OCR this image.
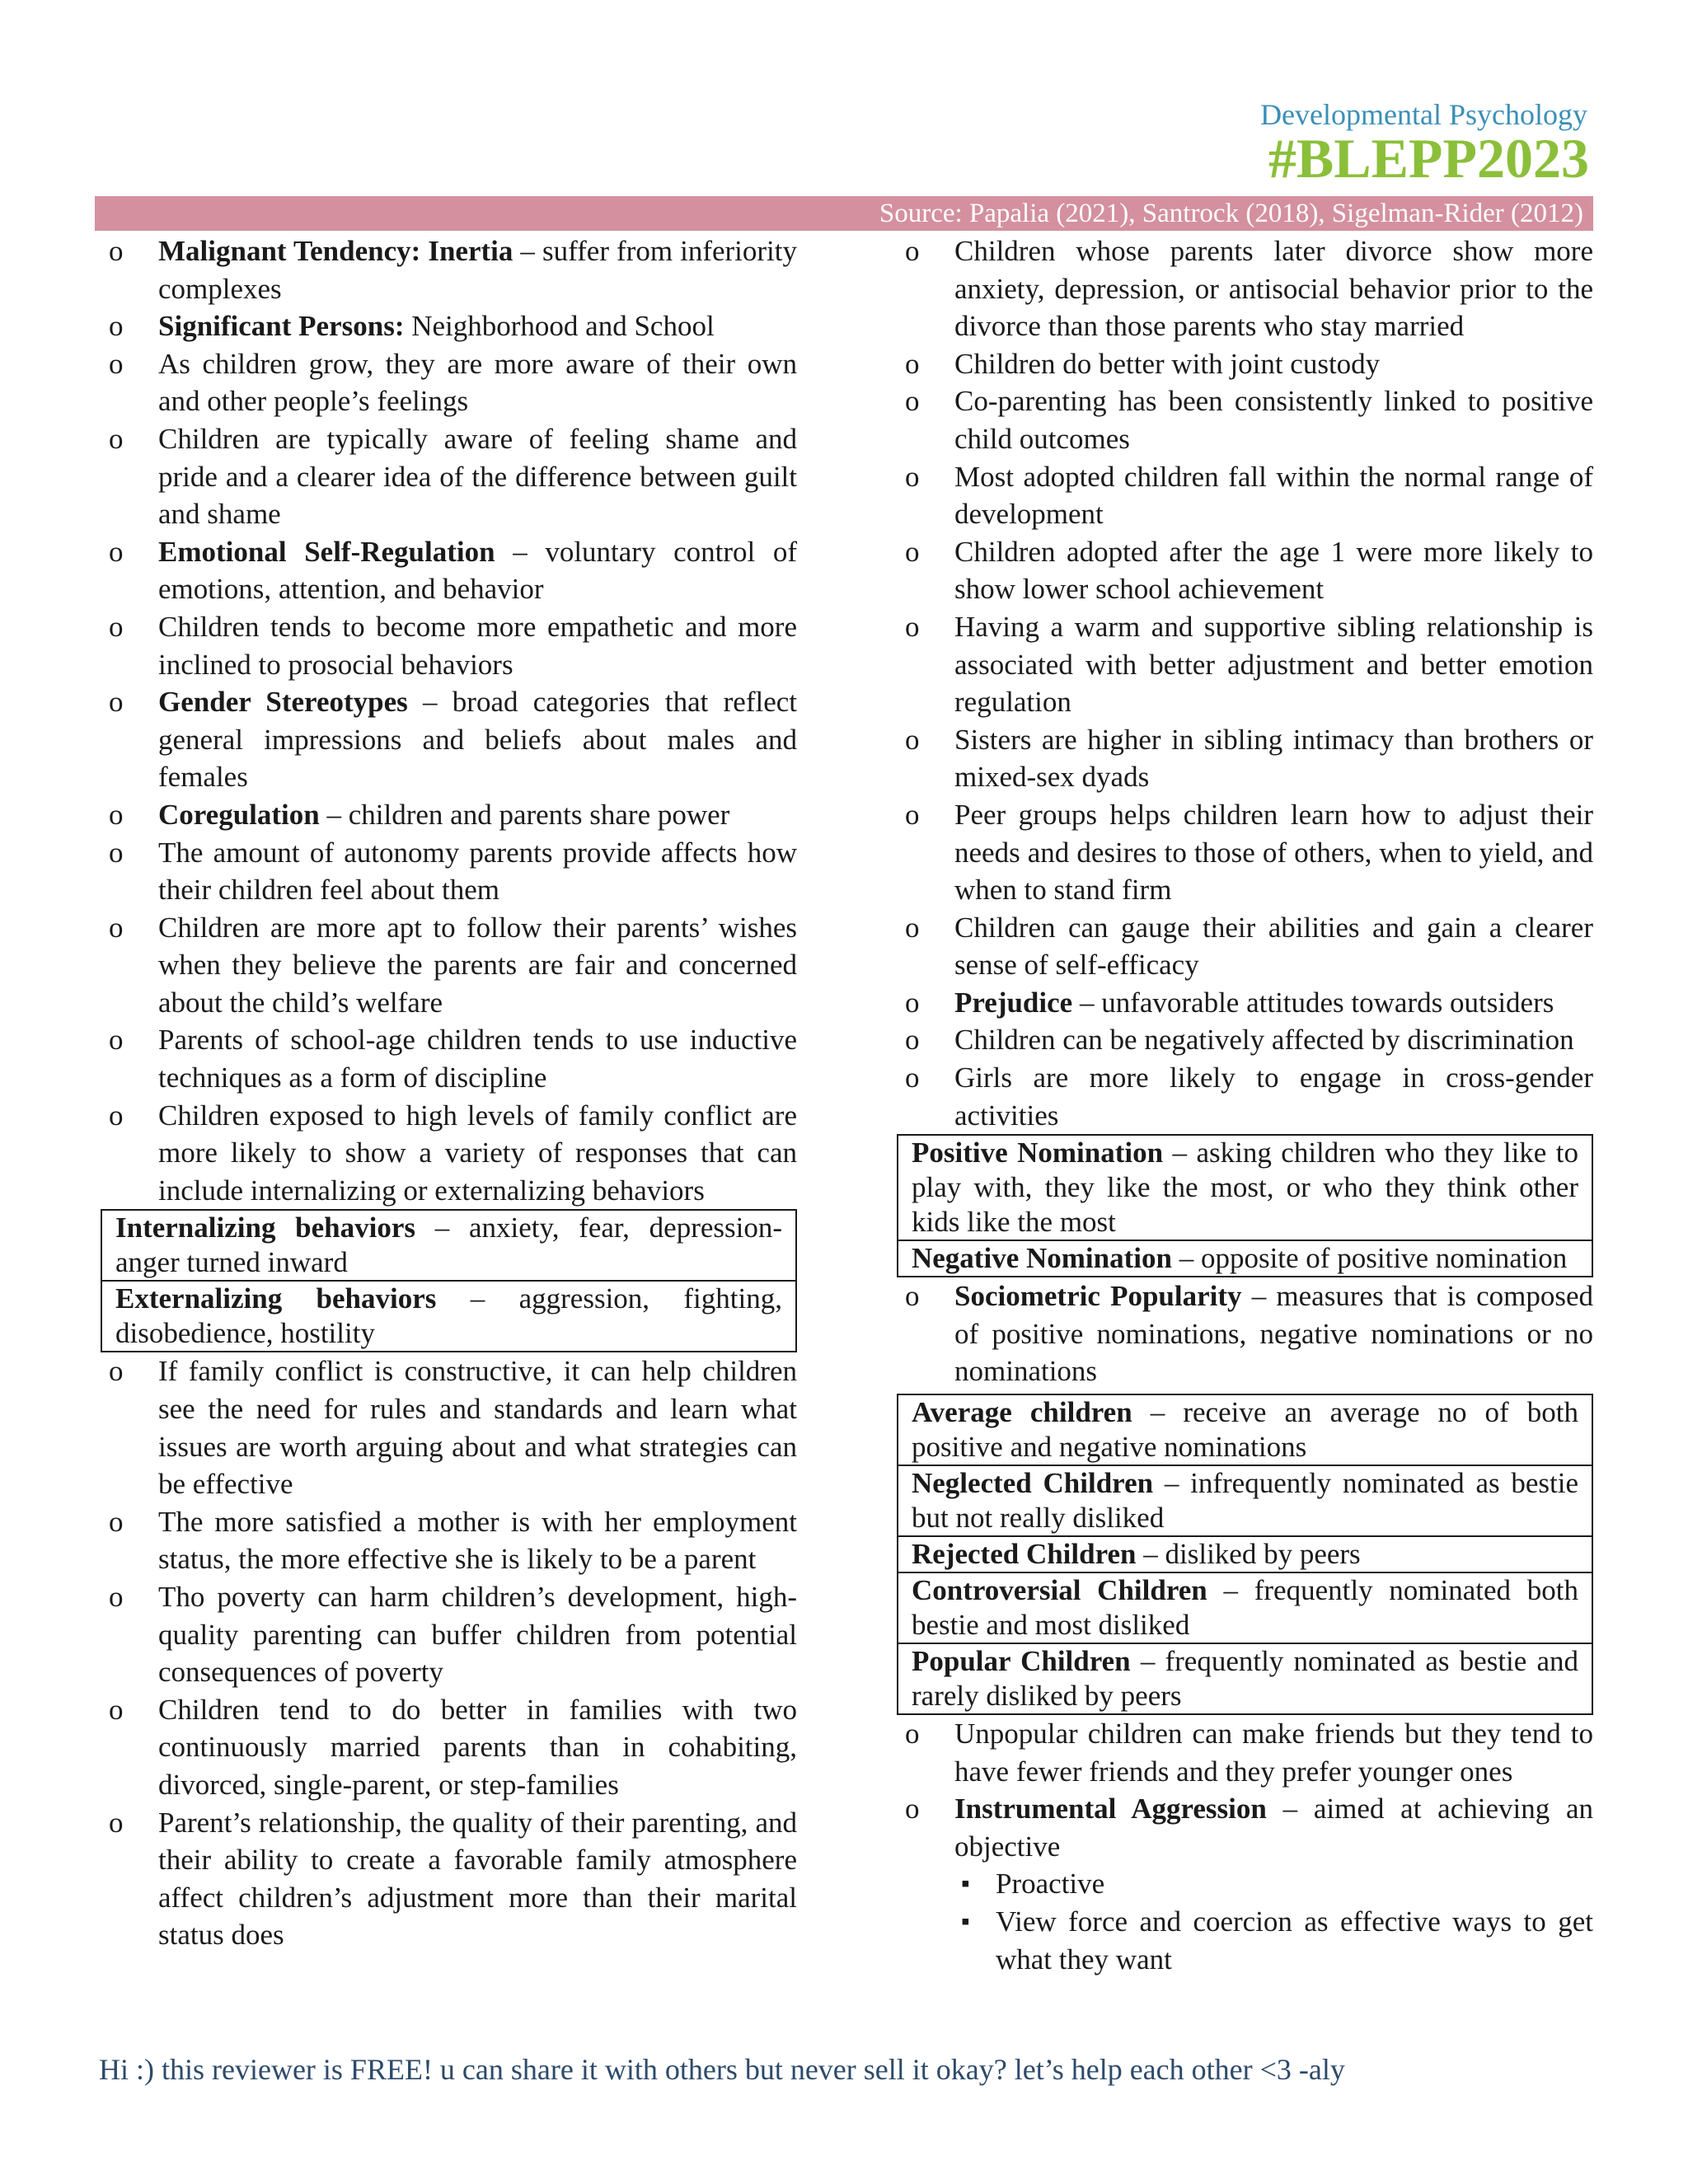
Developmental Psychology
#BLEPP2023
Source: Papalia (2021), Santrock (2018), Sigelman-Rider (2012)
o Malignant Tendency: Inertia – suffer from inferiority complexes
o Significant Persons: Neighborhood and School
o As children grow, they are more aware of their own and other people’s feelings
o Children are typically aware of feeling shame and pride and a clearer idea of the difference between guilt and shame
o Emotional Self-Regulation – voluntary control of emotions, attention, and behavior
o Children tends to become more empathetic and more inclined to prosocial behaviors
o Gender Stereotypes – broad categories that reflect general impressions and beliefs about males and females
o Coregulation – children and parents share power
o The amount of autonomy parents provide affects how their children feel about them
o Children are more apt to follow their parents’ wishes when they believe the parents are fair and concerned about the child’s welfare
o Parents of school-age children tends to use inductive techniques as a form of discipline
o Children exposed to high levels of family conflict are more likely to show a variety of responses that can include internalizing or externalizing behaviors
Internalizing behaviors – anxiety, fear, depression-anger turned inward
Externalizing behaviors – aggression, fighting, disobedience, hostility
o If family conflict is constructive, it can help children see the need for rules and standards and learn what issues are worth arguing about and what strategies can be effective
o The more satisfied a mother is with her employment status, the more effective she is likely to be a parent
o Tho poverty can harm children’s development, high-quality parenting can buffer children from potential consequences of poverty
o Children tend to do better in families with two continuously married parents than in cohabiting, divorced, single-parent, or step-families
o Parent’s relationship, the quality of their parenting, and their ability to create a favorable family atmosphere affect children’s adjustment more than their marital status does
o Children whose parents later divorce show more anxiety, depression, or antisocial behavior prior to the divorce than those parents who stay married
o Children do better with joint custody
o Co-parenting has been consistently linked to positive child outcomes
o Most adopted children fall within the normal range of development
o Children adopted after the age 1 were more likely to show lower school achievement
o Having a warm and supportive sibling relationship is associated with better adjustment and better emotion regulation
o Sisters are higher in sibling intimacy than brothers or mixed-sex dyads
o Peer groups helps children learn how to adjust their needs and desires to those of others, when to yield, and when to stand firm
o Children can gauge their abilities and gain a clearer sense of self-efficacy
o Prejudice – unfavorable attitudes towards outsiders
o Children can be negatively affected by discrimination
o Girls are more likely to engage in cross-gender activities
Positive Nomination – asking children who they like to play with, they like the most, or who they think other kids like the most
Negative Nomination – opposite of positive nomination
o Sociometric Popularity – measures that is composed of positive nominations, negative nominations or no nominations
Average children – receive an average no of both positive and negative nominations
Neglected Children – infrequently nominated as bestie but not really disliked
Rejected Children – disliked by peers
Controversial Children – frequently nominated both bestie and most disliked
Popular Children – frequently nominated as bestie and rarely disliked by peers
o Unpopular children can make friends but they tend to have fewer friends and they prefer younger ones
o Instrumental Aggression – aimed at achieving an objective
▪ Proactive
▪ View force and coercion as effective ways to get what they want
Hi :) this reviewer is FREE! u can share it with others but never sell it okay? let’s help each other <3 -aly
